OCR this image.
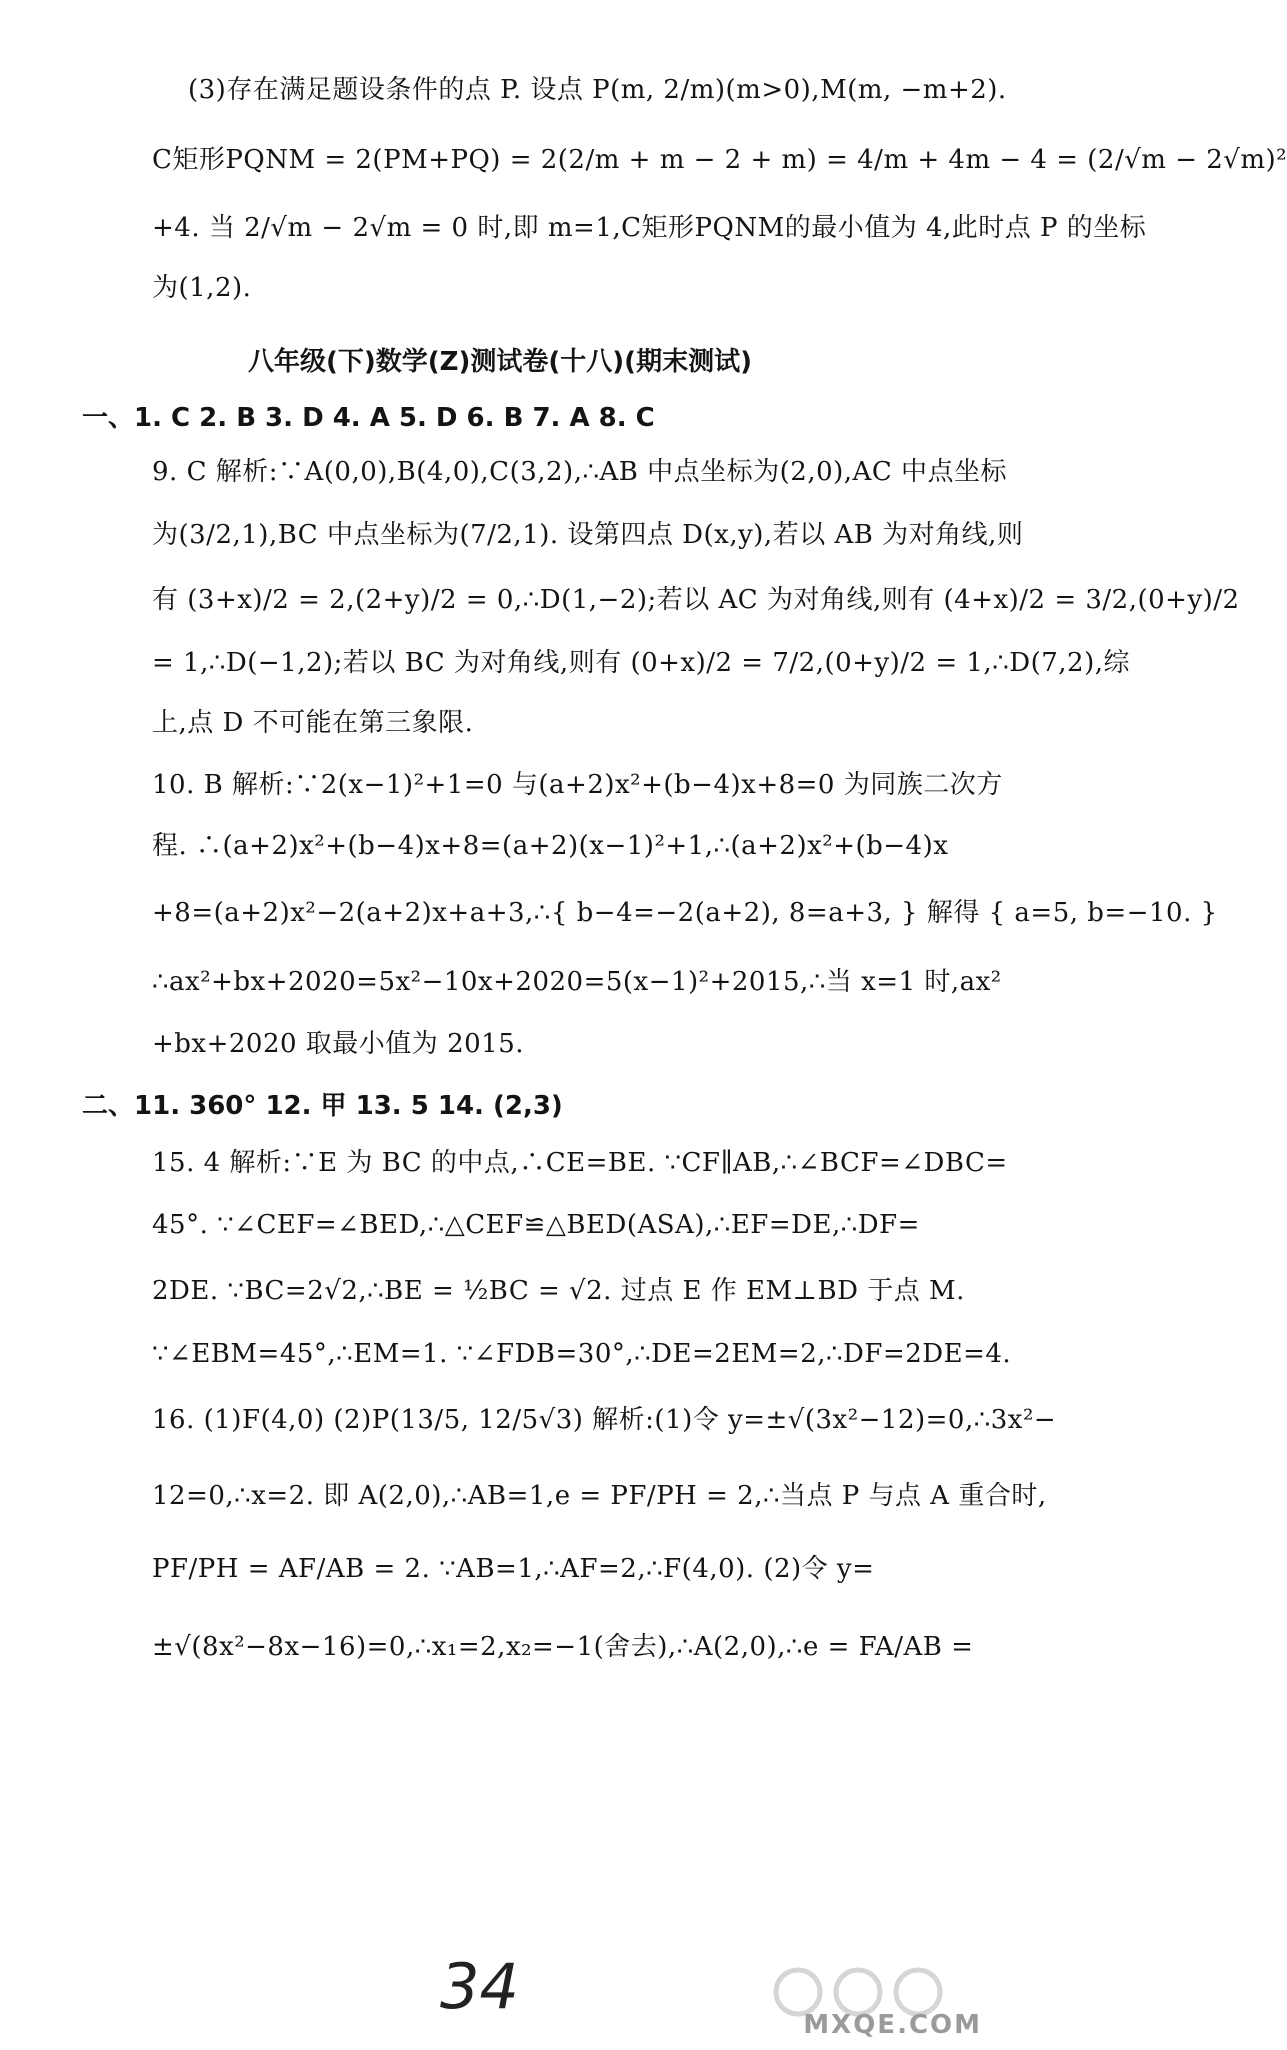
(3)存在满足题设条件的点 P. 设点 P(m, 2/m)(m>0),M(m, −m+2).
C矩形PQNM = 2(PM+PQ) = 2(2/m + m − 2 + m) = 4/m + 4m − 4 = (2/√m − 2√m)²
+4. 当 2/√m − 2√m = 0 时,即 m=1,C矩形PQNM的最小值为 4,此时点 P 的坐标
为(1,2).
八年级(下)数学(Z)测试卷(十八)(期末测试)
一、1. C 2. B 3. D 4. A 5. D 6. B 7. A 8. C
9. C 解析:∵A(0,0),B(4,0),C(3,2),∴AB 中点坐标为(2,0),AC 中点坐标
为(3/2,1),BC 中点坐标为(7/2,1). 设第四点 D(x,y),若以 AB 为对角线,则
有 (3+x)/2 = 2,(2+y)/2 = 0,∴D(1,−2);若以 AC 为对角线,则有 (4+x)/2 = 3/2,(0+y)/2
= 1,∴D(−1,2);若以 BC 为对角线,则有 (0+x)/2 = 7/2,(0+y)/2 = 1,∴D(7,2),综
上,点 D 不可能在第三象限.
10. B 解析:∵2(x−1)²+1=0 与(a+2)x²+(b−4)x+8=0 为同族二次方
程. ∴(a+2)x²+(b−4)x+8=(a+2)(x−1)²+1,∴(a+2)x²+(b−4)x
+8=(a+2)x²−2(a+2)x+a+3,∴{ b−4=−2(a+2), 8=a+3, } 解得 { a=5, b=−10. }
∴ax²+bx+2020=5x²−10x+2020=5(x−1)²+2015,∴当 x=1 时,ax²
+bx+2020 取最小值为 2015.
二、11. 360° 12. 甲 13. 5 14. (2,3)
15. 4 解析:∵E 为 BC 的中点,∴CE=BE. ∵CF∥AB,∴∠BCF=∠DBC=
45°. ∵∠CEF=∠BED,∴△CEF≌△BED(ASA),∴EF=DE,∴DF=
2DE. ∵BC=2√2,∴BE = ½BC = √2. 过点 E 作 EM⊥BD 于点 M.
∵∠EBM=45°,∴EM=1. ∵∠FDB=30°,∴DE=2EM=2,∴DF=2DE=4.
16. (1)F(4,0) (2)P(13/5, 12/5√3) 解析:(1)令 y=±√(3x²−12)=0,∴3x²−
12=0,∴x=2. 即 A(2,0),∴AB=1,e = PF/PH = 2,∴当点 P 与点 A 重合时,
PF/PH = AF/AB = 2. ∵AB=1,∴AF=2,∴F(4,0). (2)令 y=
±√(8x²−8x−16)=0,∴x₁=2,x₂=−1(舍去),∴A(2,0),∴e = FA/AB =
34
MXQE.COM
